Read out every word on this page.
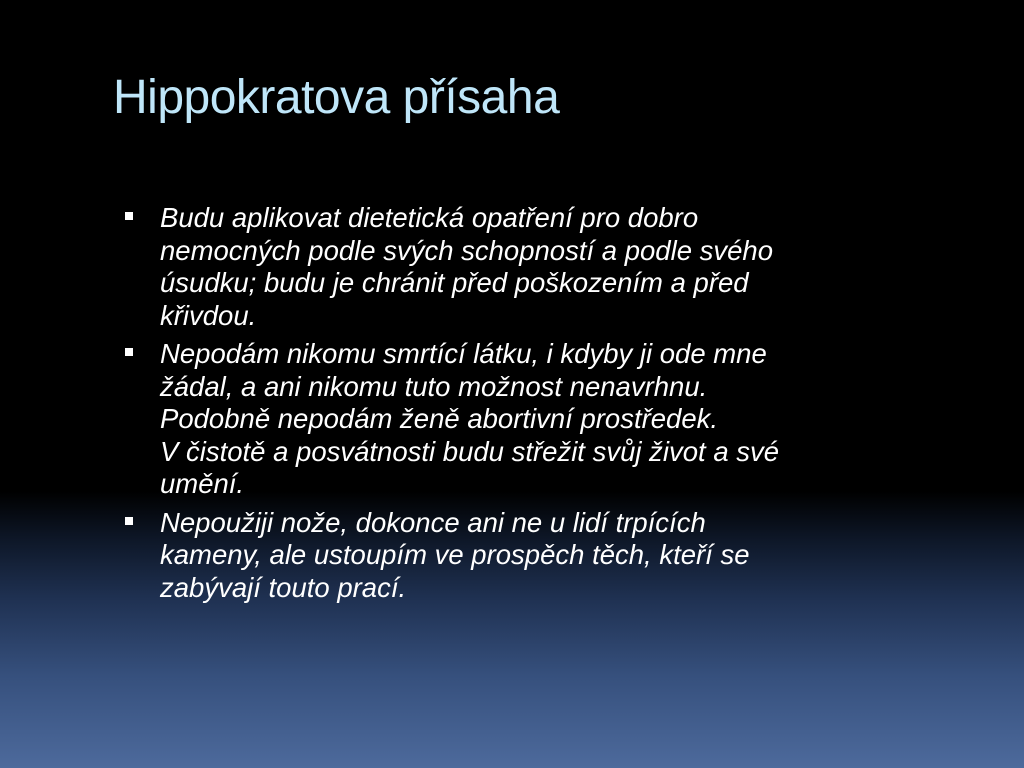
Hippokratova přísaha
Budu aplikovat dietetická opatření pro dobro
nemocných podle svých schopností a podle svého
úsudku; budu je chránit před poškozením a před
křivdou.
Nepodám nikomu smrtící látku, i kdyby ji ode mne
žádal, a ani nikomu tuto možnost nenavrhnu.
Podobně nepodám ženě abortivní prostředek.
V čistotě a posvátnosti budu střežit svůj život a své
umění.
Nepoužiji nože, dokonce ani ne u lidí trpících
kameny, ale ustoupím ve prospěch těch, kteří se
zabývají touto prací.
